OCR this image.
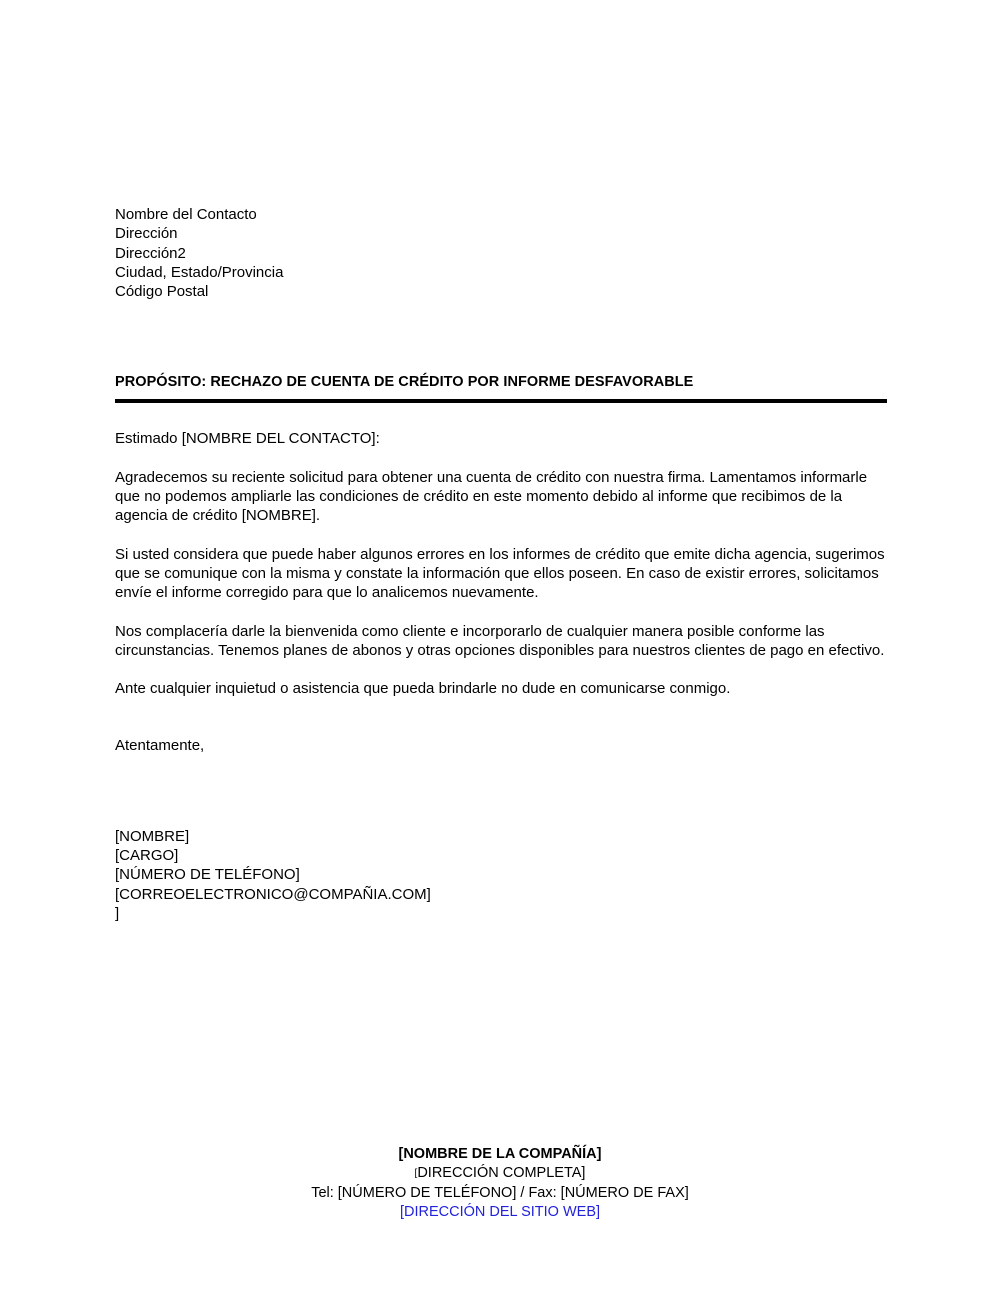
Nombre del Contacto
Dirección
Dirección2
Ciudad, Estado/Provincia
Código Postal
PROPÓSITO: RECHAZO DE CUENTA DE CRÉDITO POR INFORME DESFAVORABLE
Estimado [NOMBRE DEL CONTACTO]:
Agradecemos su reciente solicitud para obtener una cuenta de crédito con nuestra firma. Lamentamos informarle que no podemos ampliarle las condiciones de crédito en este momento debido al informe que recibimos de la agencia de crédito [NOMBRE].
Si usted considera que puede haber algunos errores en los informes de crédito que emite dicha agencia, sugerimos que se comunique con la misma y constate la información que ellos poseen. En caso de existir errores, solicitamos envíe el informe corregido para que lo analicemos nuevamente.
Nos complacería darle la bienvenida como cliente e incorporarlo de cualquier manera posible conforme las circunstancias. Tenemos planes de abonos y otras opciones disponibles para nuestros clientes de pago en efectivo.
Ante cualquier inquietud o asistencia que pueda brindarle no dude en comunicarse conmigo.
Atentamente,
[NOMBRE]
[CARGO]
[NÚMERO DE TELÉFONO]
[CORREOELECTRONICO@COMPAÑIA.COM]
]
[NOMBRE DE LA COMPAÑÍA]
[DIRECCIÓN COMPLETA]
Tel: [NÚMERO DE TELÉFONO] / Fax: [NÚMERO DE FAX]
[DIRECCIÓN DEL SITIO WEB]
